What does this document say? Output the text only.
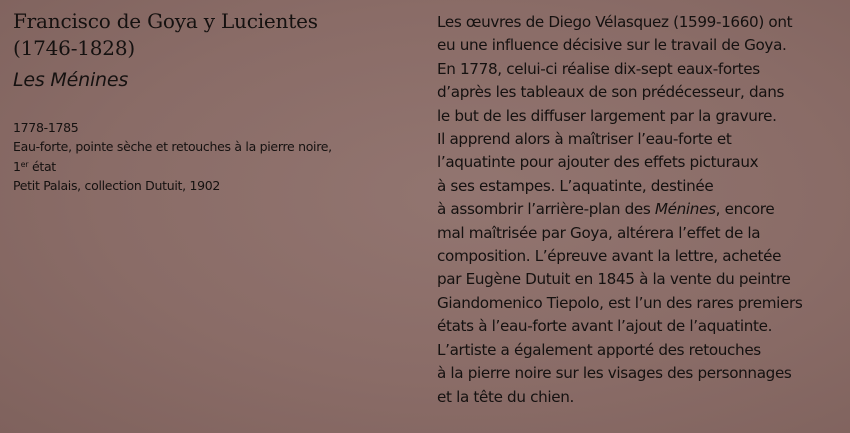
Francisco de Goya y Lucientes
(1746-1828)
Les Ménines
1778-1785
Eau-forte, pointe sèche et retouches à la pierre noire,
1er état
Petit Palais, collection Dutuit, 1902
Les œuvres de Diego Vélasquez (1599-1660) ont
eu une influence décisive sur le travail de Goya.
En 1778, celui-ci réalise dix-sept eaux-fortes
d’après les tableaux de son prédécesseur, dans
le but de les diffuser largement par la gravure.
Il apprend alors à maîtriser l’eau-forte et
l’aquatinte pour ajouter des effets picturaux
à ses estampes. L’aquatinte, destinée
à assombrir l’arrière-plan des Ménines, encore
mal maîtrisée par Goya, altérera l’effet de la
composition. L’épreuve avant la lettre, achetée
par Eugène Dutuit en 1845 à la vente du peintre
Giandomenico Tiepolo, est l’un des rares premiers
états à l’eau-forte avant l’ajout de l’aquatinte.
L’artiste a également apporté des retouches
à la pierre noire sur les visages des personnages
et la tête du chien.
